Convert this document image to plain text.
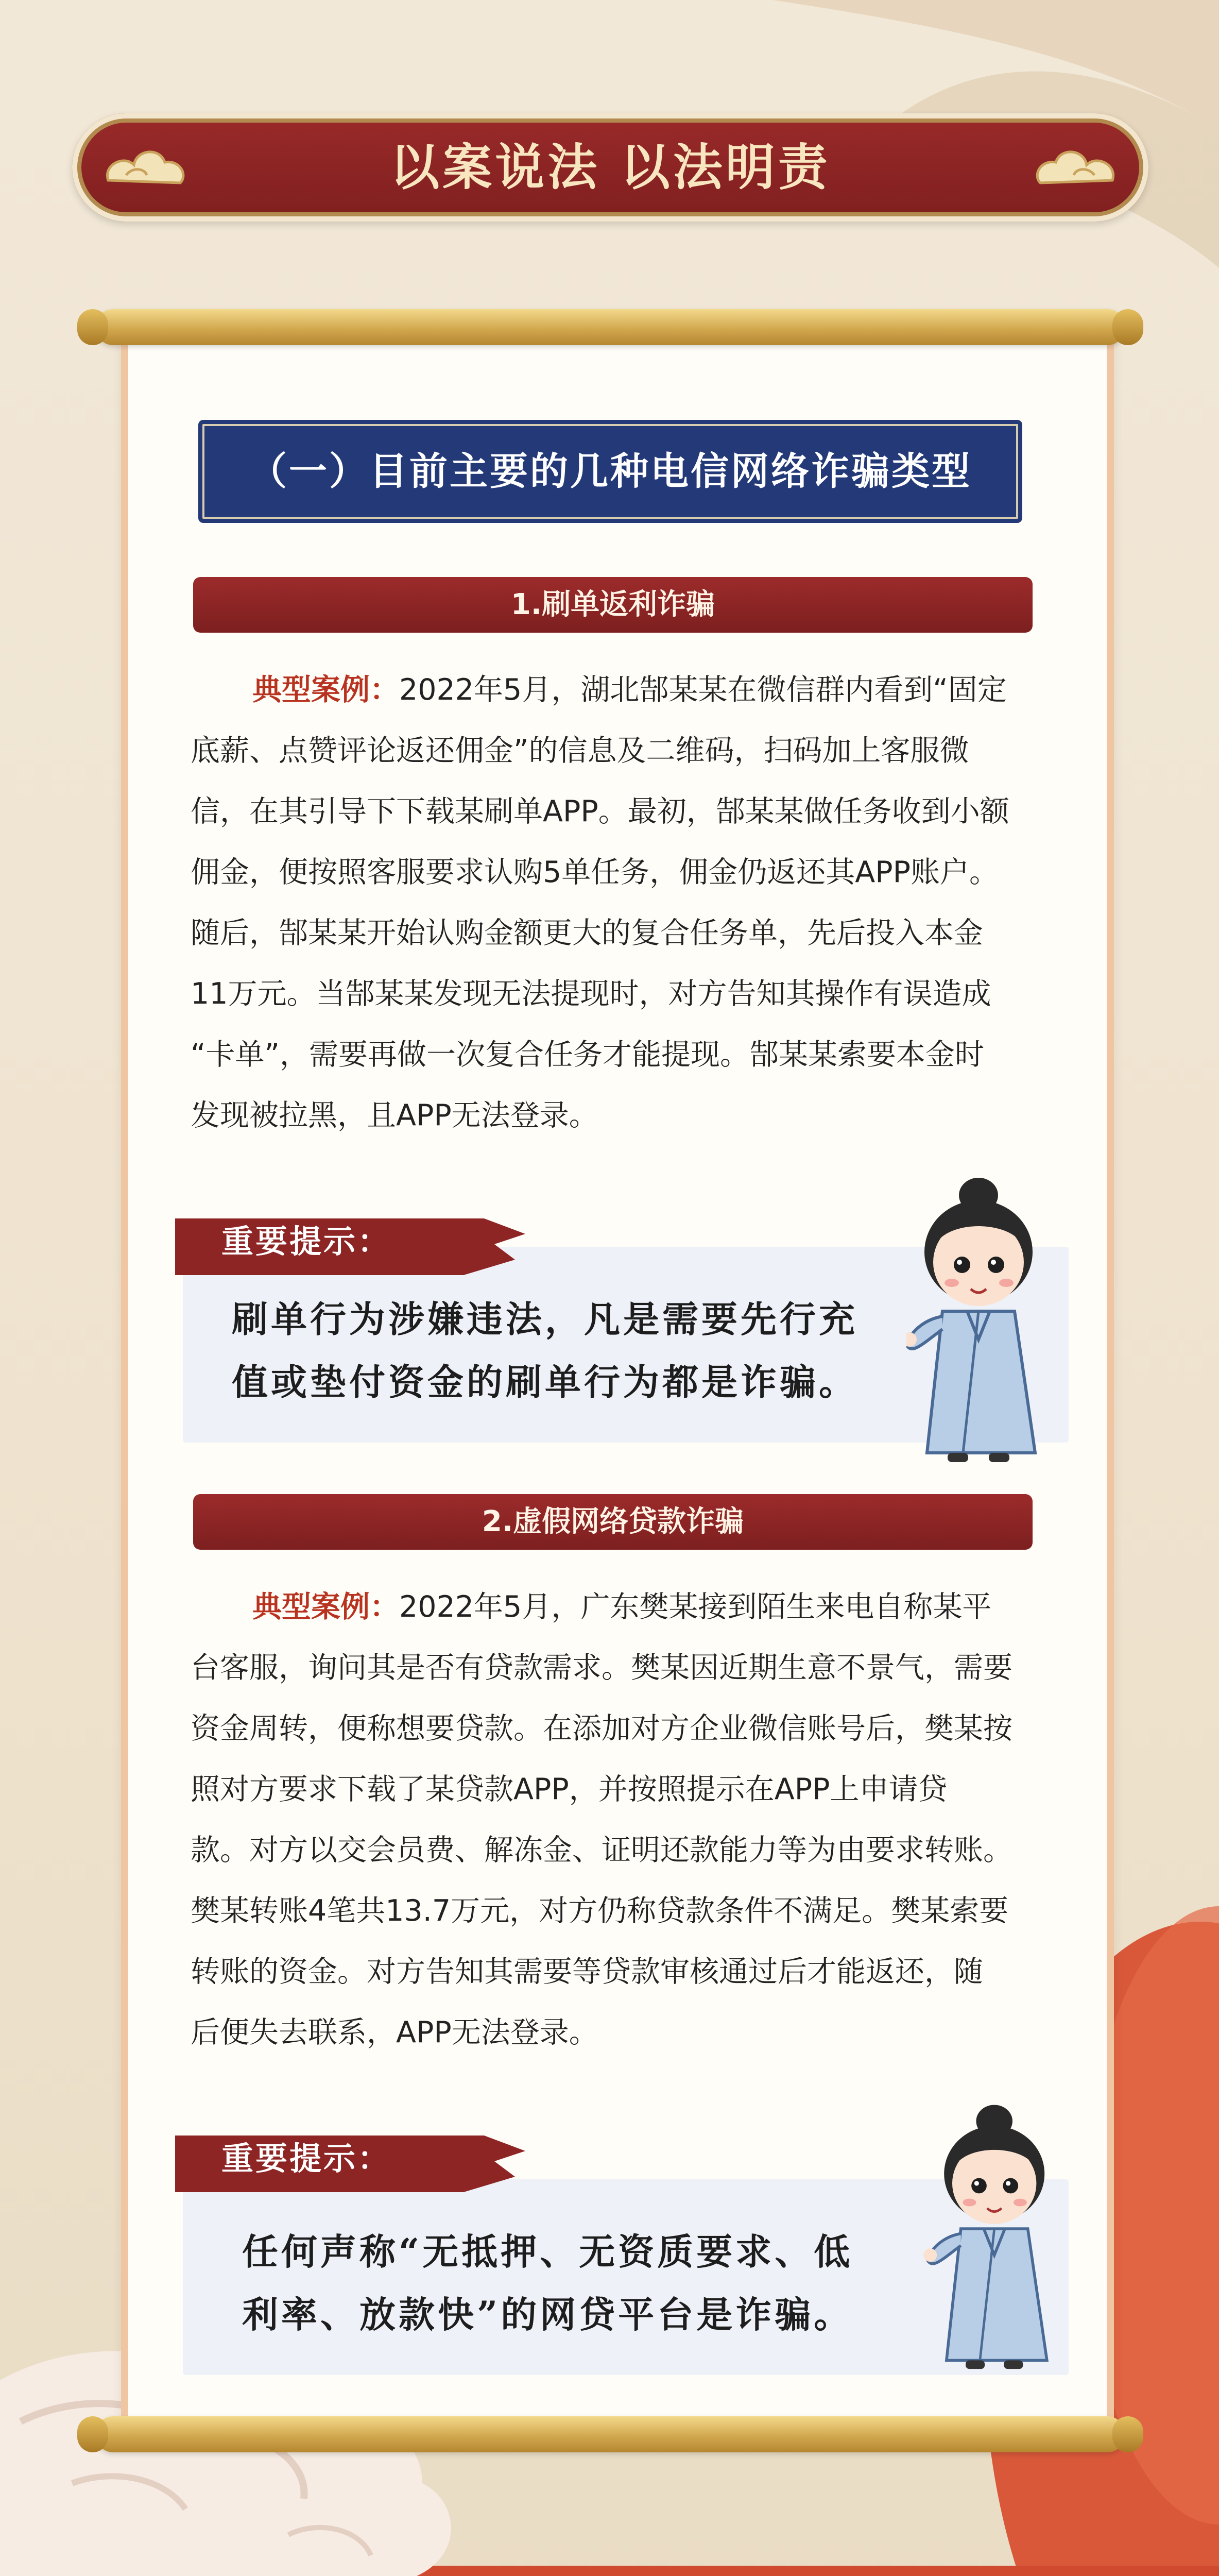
以案说法 以法明责
（一）目前主要的几种电信网络诈骗类型
1.刷单返利诈骗
典型案例：2022年5月，湖北郜某某在微信群内看到“固定
底薪、点赞评论返还佣金”的信息及二维码，扫码加上客服微
信，在其引导下下载某刷单APP。最初，郜某某做任务收到小额
佣金，便按照客服要求认购5单任务，佣金仍返还其APP账户。
随后，郜某某开始认购金额更大的复合任务单，先后投入本金
11万元。当郜某某发现无法提现时，对方告知其操作有误造成
“卡单”，需要再做一次复合任务才能提现。郜某某索要本金时
发现被拉黑，且APP无法登录。
重要提示：
刷单行为涉嫌违法，凡是需要先行充
值或垫付资金的刷单行为都是诈骗。
2.虚假网络贷款诈骗
典型案例：2022年5月，广东樊某接到陌生来电自称某平
台客服，询问其是否有贷款需求。樊某因近期生意不景气，需要
资金周转，便称想要贷款。在添加对方企业微信账号后，樊某按
照对方要求下载了某贷款APP，并按照提示在APP上申请贷
款。对方以交会员费、解冻金、证明还款能力等为由要求转账。
樊某转账4笔共13.7万元，对方仍称贷款条件不满足。樊某索要
转账的资金。对方告知其需要等贷款审核通过后才能返还，随
后便失去联系，APP无法登录。
重要提示：
任何声称“无抵押、无资质要求、低
利率、放款快”的网贷平台是诈骗。
